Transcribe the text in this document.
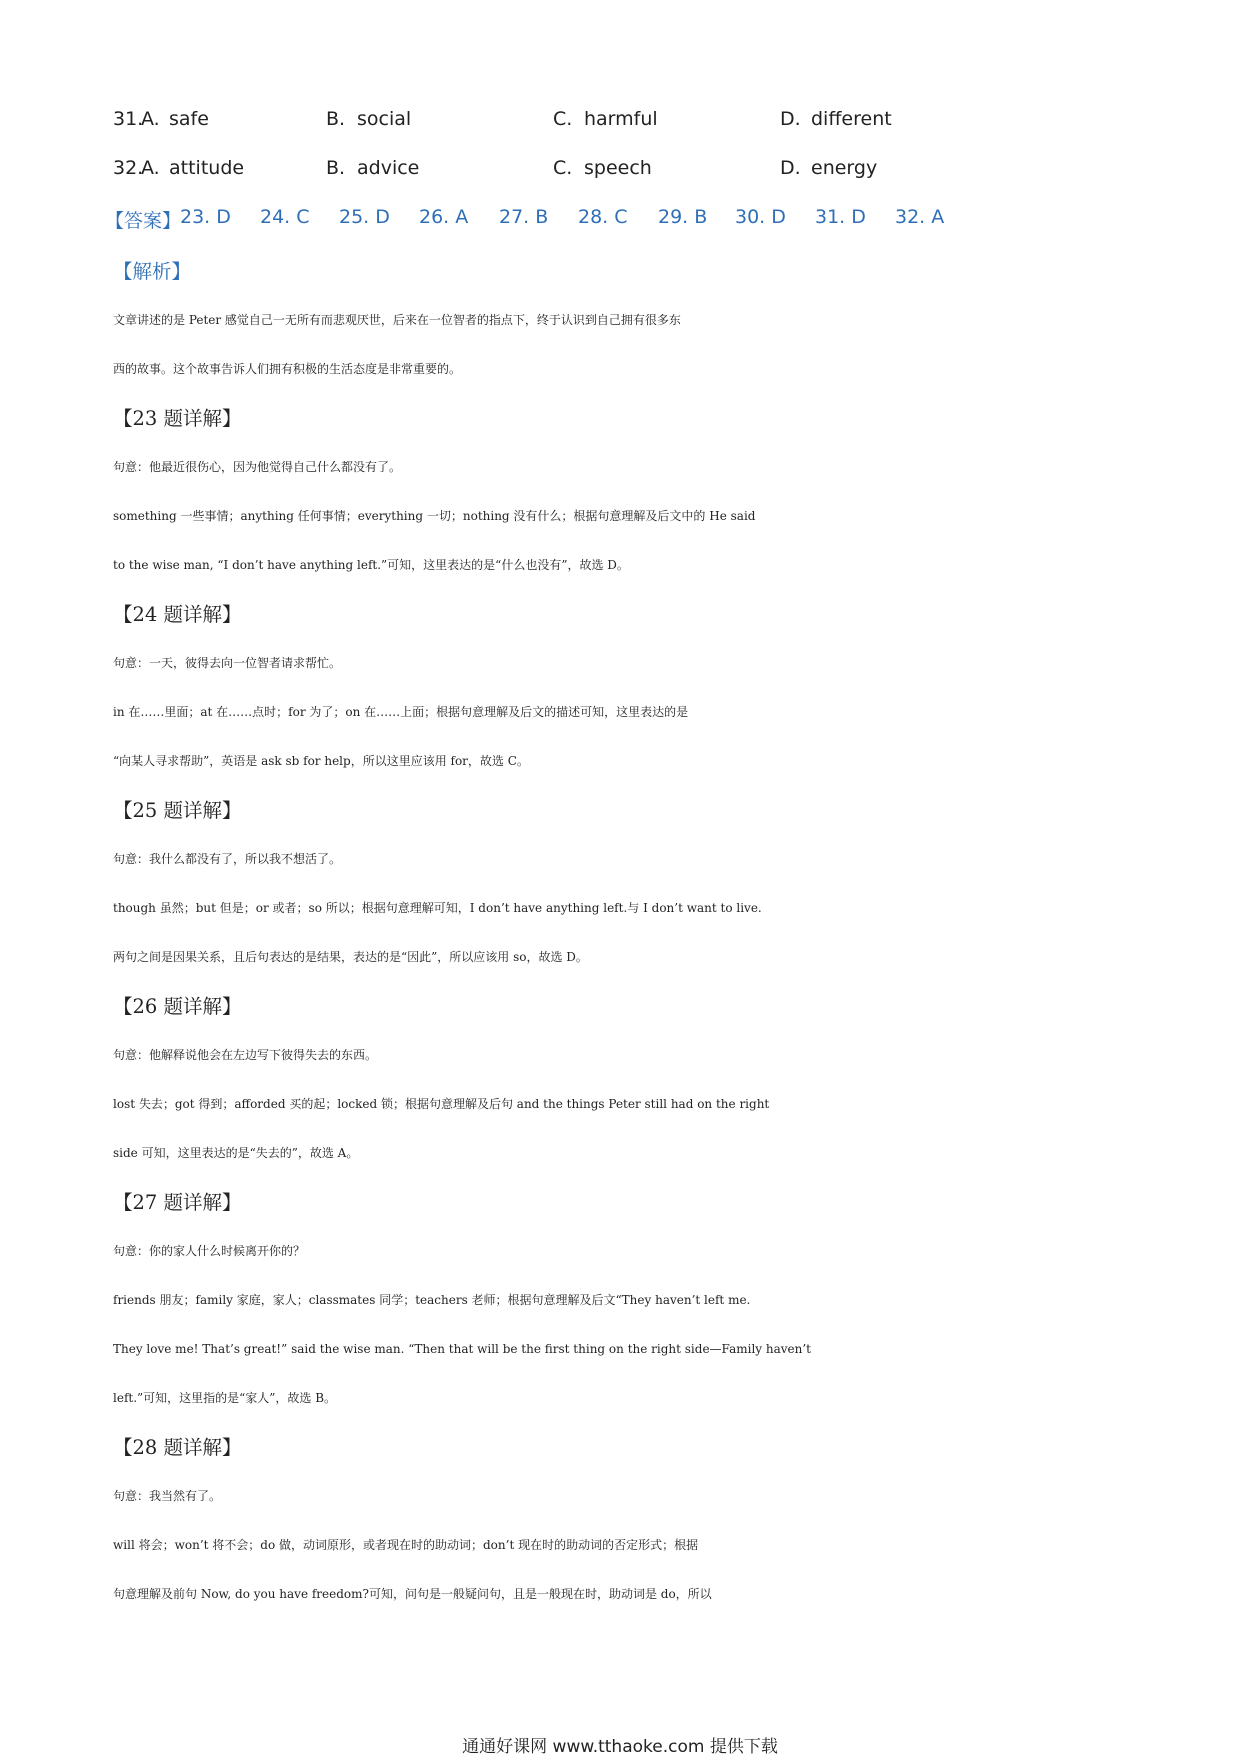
31.
A. safe	B. social	C. harmful	D. different
32.
A. attitude	B. advice	C. speech	D. energy
【答案】
23. D 24. C 25. D 26. A 27. B 28. C 29. B 30. D 31. D 32. A
【解析】
文章讲述的是 Peter 感觉自己一无所有而悲观厌世，后来在一位智者的指点下，终于认识到自己拥有很多东
西的故事。这个故事告诉人们拥有积极的生活态度是非常重要的。
【23 题详解】
句意：他最近很伤心，因为他觉得自己什么都没有了。
something 一些事情；anything 任何事情；everything 一切；nothing 没有什么；根据句意理解及后文中的 He said
to the wise man, “I don’t have anything left.”可知，这里表达的是“什么也没有”，故选 D。
【24 题详解】
句意：一天，彼得去向一位智者请求帮忙。
in 在……里面；at 在……点时；for 为了；on 在……上面；根据句意理解及后文的描述可知，这里表达的是
“向某人寻求帮助”，英语是 ask sb for help，所以这里应该用 for，故选 C。
【25 题详解】
句意：我什么都没有了，所以我不想活了。
though 虽然；but 但是；or 或者；so 所以；根据句意理解可知，I don’t have anything left.与 I don’t want to live.
两句之间是因果关系，且后句表达的是结果，表达的是“因此”，所以应该用 so，故选 D。
【26 题详解】
句意：他解释说他会在左边写下彼得失去的东西。
lost 失去；got 得到；afforded 买的起；locked 锁；根据句意理解及后句 and the things Peter still had on the right
side 可知，这里表达的是“失去的”，故选 A。
【27 题详解】
句意：你的家人什么时候离开你的？
friends 朋友；family 家庭，家人；classmates 同学；teachers 老师；根据句意理解及后文“They haven’t left me.
They love me! That’s great!” said the wise man. “Then that will be the first thing on the right side—Family haven’t
left.”可知，这里指的是“家人”，故选 B。
【28 题详解】
句意：我当然有了。
will 将会；won’t 将不会；do 做，动词原形，或者现在时的助动词；don’t 现在时的助动词的否定形式；根据
句意理解及前句 Now, do you have freedom?可知，问句是一般疑问句，且是一般现在时，助动词是 do，所以
通通好课网 www.tthaoke.com 提供下载
